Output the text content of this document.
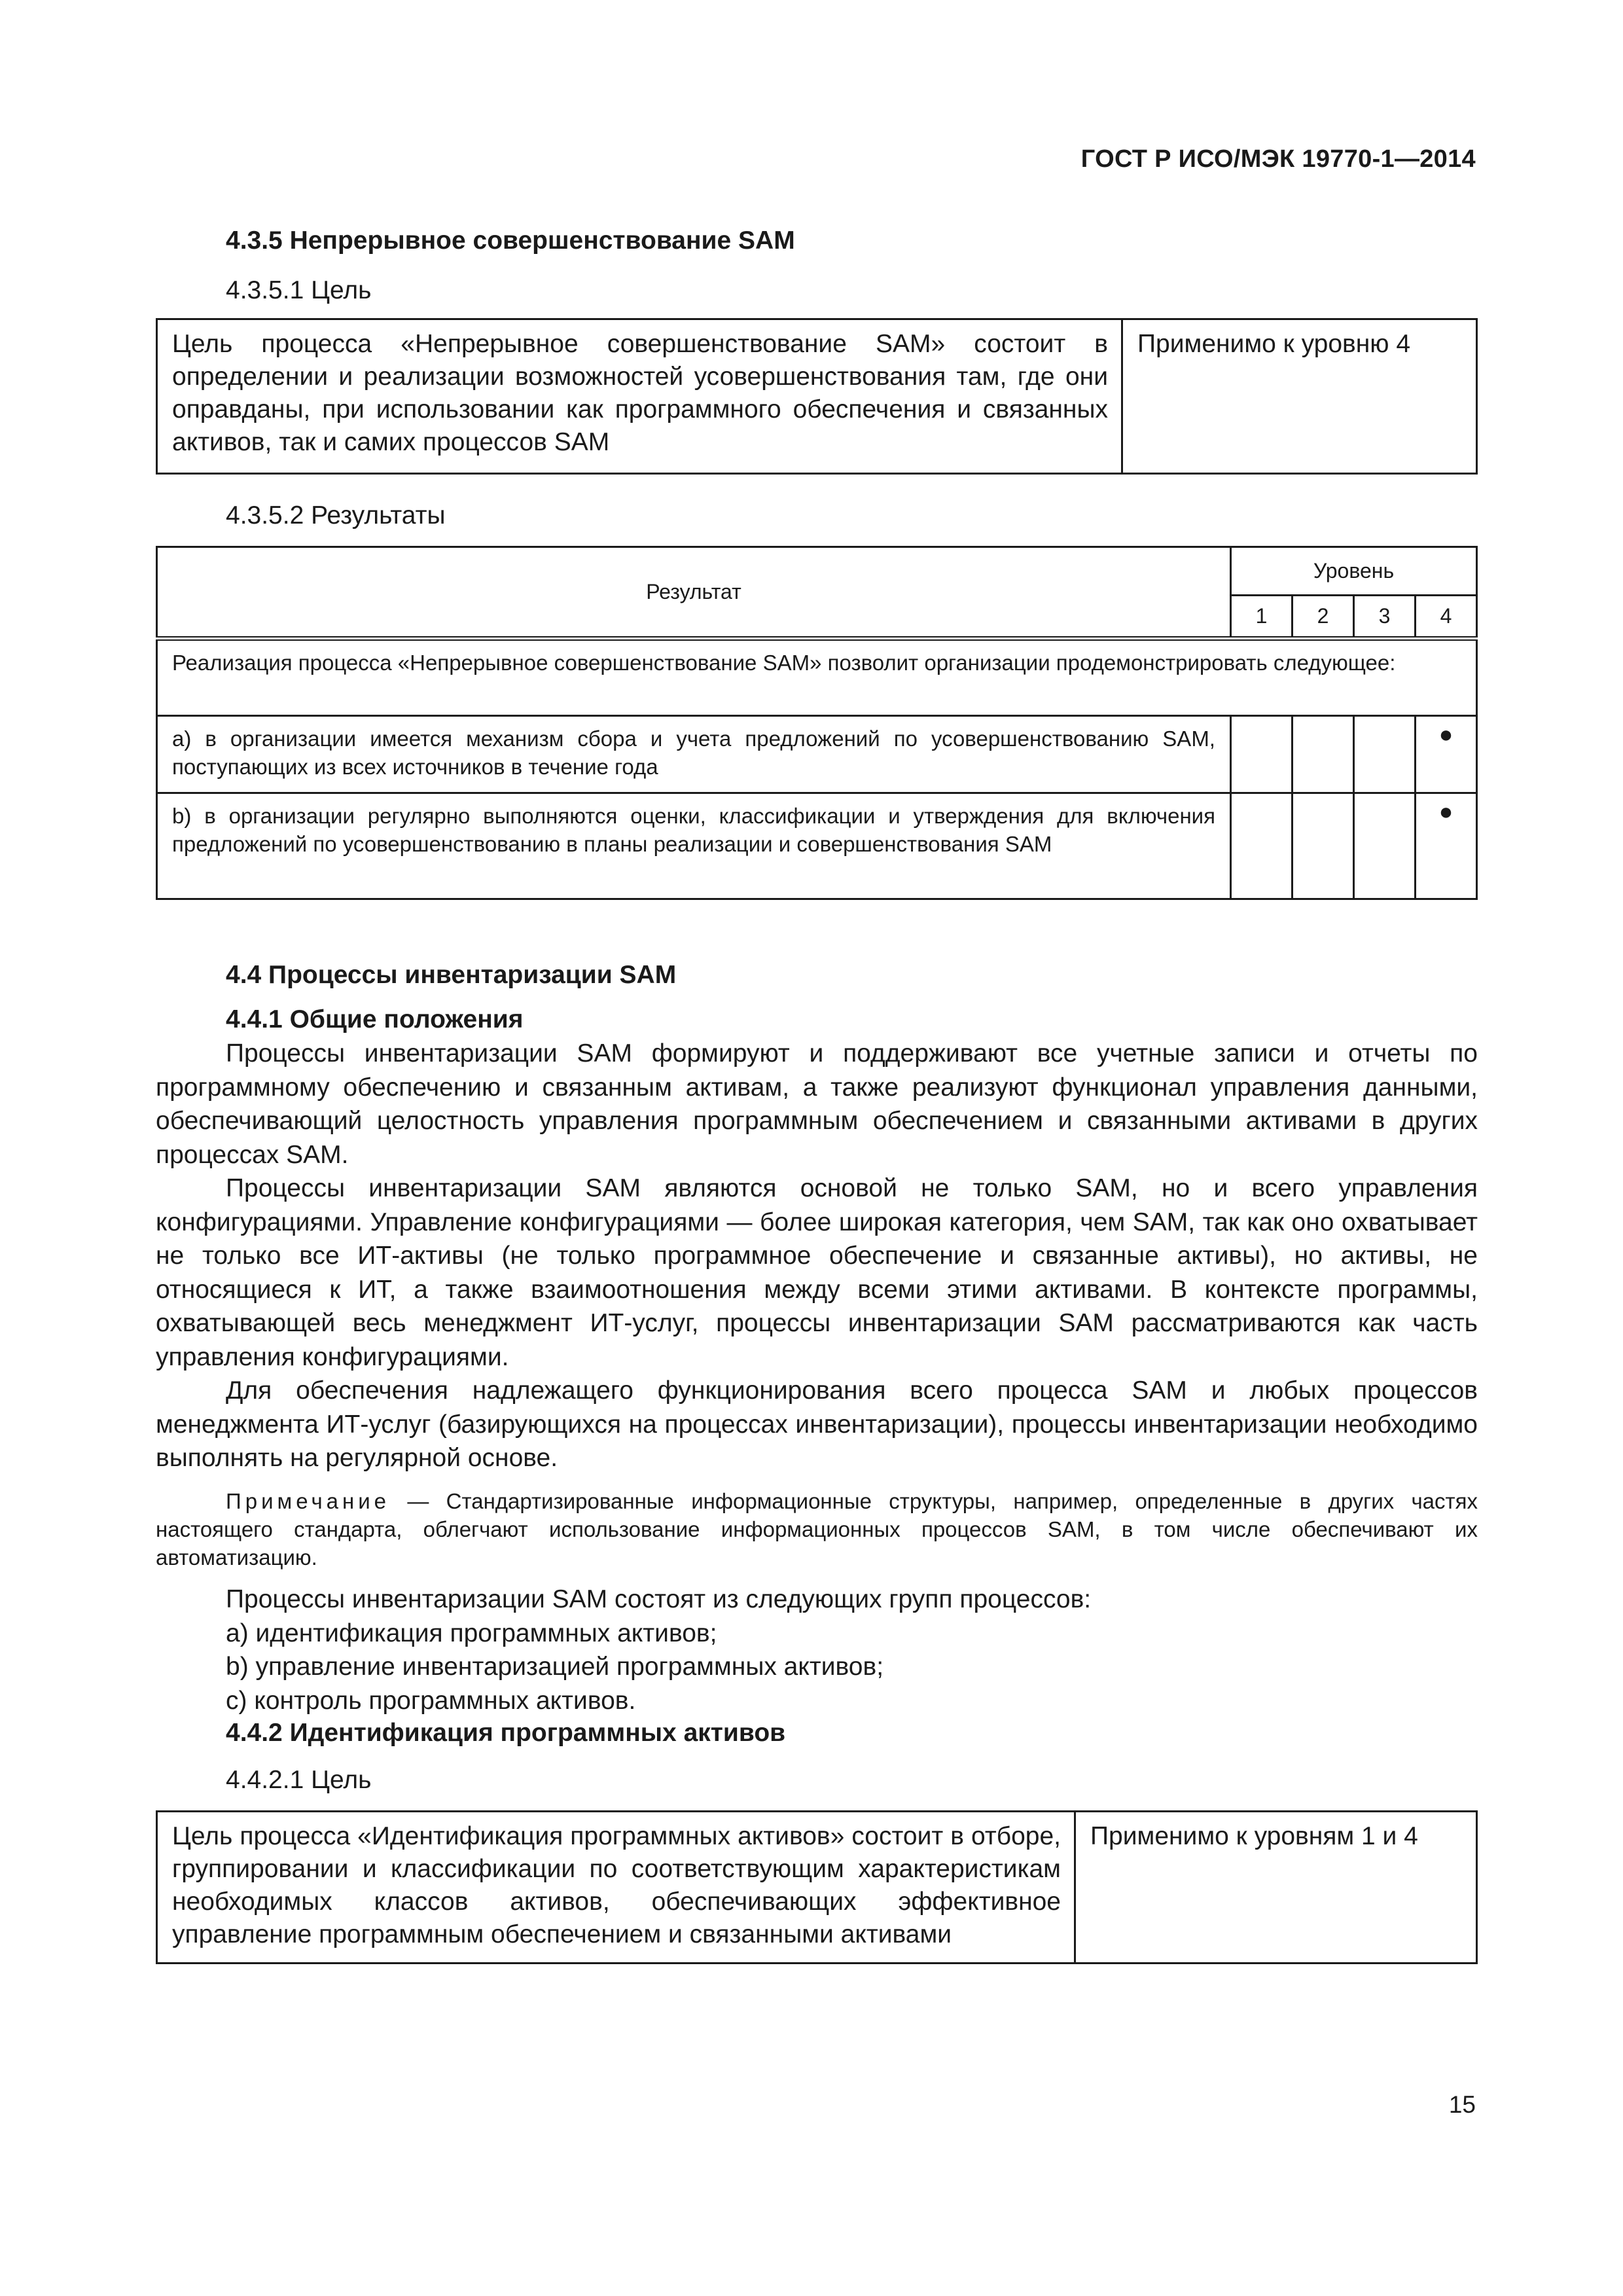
ГОСТ Р ИСО/МЭК 19770-1—2014
4.3.5 Непрерывное совершенствование SAM
4.3.5.1 Цель
Цель процесса «Непрерывное совершенствование SAM» состоит в определении и реализации возможностей усовершенствования там, где они оправданы, при использовании как программного обеспечения и связанных активов, так и самих процессов SAM	Применимо к уровню 4
4.3.5.2 Результаты
Результат	Уровень			
	1	2	3	4
Реализация процесса «Непрерывное совершенствование SAM» позволит организации продемонстрировать следующее:				
а) в организации имеется механизм сбора и учета предложений по усовершенствованию SAM, поступающих из всех источников в течение года				●
b) в организации регулярно выполняются оценки, классификации и утверждения для включения предложений по усовершенствованию в планы реализации и совершенствования SAM				●
4.4 Процессы инвентаризации SAM
4.4.1 Общие положения

Процессы инвентаризации SAM формируют и поддерживают все учетные записи и отчеты по программному обеспечению и связанным активам, а также реализуют функционал управления данными, обеспечивающий целостность управления программным обеспечением и связанными активами в других процессах SAM.

Процессы инвентаризации SAM являются основой не только SAM, но и всего управления конфигурациями. Управление конфигурациями — более широкая категория, чем SAM, так как оно охватывает не только все ИТ-активы (не только программное обеспечение и связанные активы), но активы, не относящиеся к ИТ, а также взаимоотношения между всеми этими активами. В контексте программы, охватывающей весь менеджмент ИТ-услуг, процессы инвентаризации SAM рассматриваются как часть управления конфигурациями.

Для обеспечения надлежащего функционирования всего процесса SAM и любых процессов менеджмента ИТ-услуг (базирующихся на процессах инвентаризации), процессы инвентаризации необходимо выполнять на регулярной основе.

Примечание — Стандартизированные информационные структуры, например, определенные в других частях настоящего стандарта, облегчают использование информационных процессов SAM, в том числе обеспечивают их автоматизацию.

Процессы инвентаризации SAM состоят из следующих групп процессов:
а) идентификация программных активов;
b) управление инвентаризацией программных активов;
с) контроль программных активов.
4.4.2 Идентификация программных активов
4.4.2.1 Цель
Цель процесса «Идентификация программных активов» состоит в отборе, группировании и классификации по соответствующим характеристикам необходимых классов активов, обеспечивающих эффективное управление программным обеспечением и связанными активами	Применимо к уровням 1 и 4
15
